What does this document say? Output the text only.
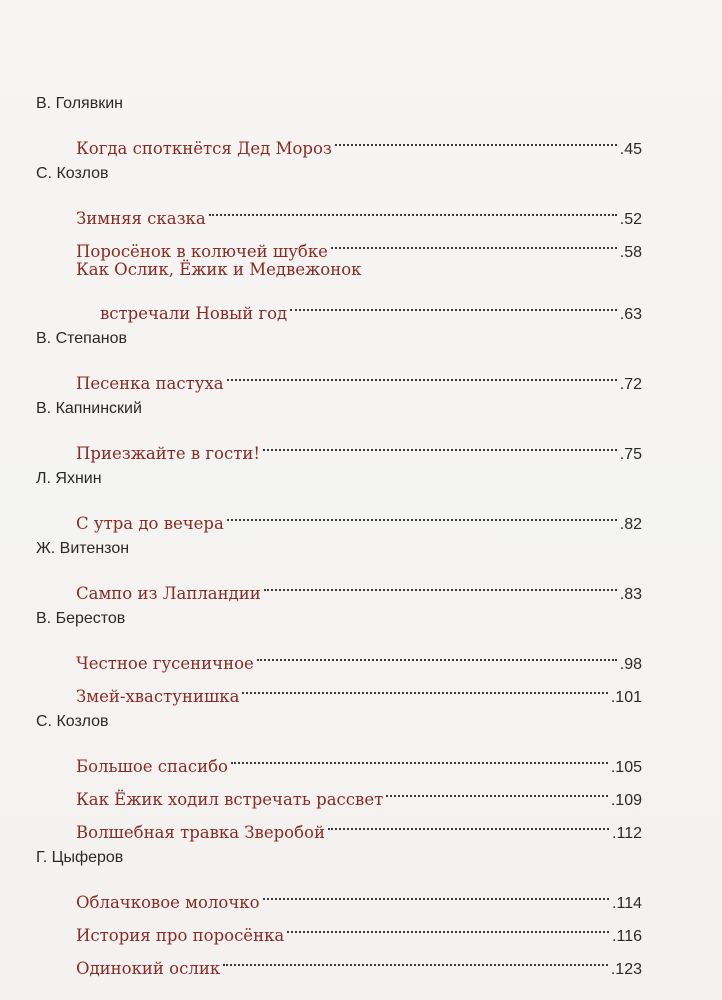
В. Голявкин
Когда споткнётся Дед Мороз	.45
С. Козлов
Зимняя сказка	.52
Поросёнок в колючей шубке	.58
Как Ослик, Ёжик и Медвежонок
встречали Новый год	.63
В. Степанов
Песенка пастуха	.72
В. Капнинский
Приезжайте в гости!	.75
Л. Яхнин
С утра до вечера	.82
Ж. Витензон
Сампо из Лапландии	.83
В. Берестов
Честное гусеничное	.98
Змей-хвастунишка	.101
С. Козлов
Большое спасибо	.105
Как Ёжик ходил встречать рассвет	.109
Волшебная травка Зверобой	.112
Г. Цыферов
Облачковое молочко	.114
История про поросёнка	.116
Одинокий ослик	.123
